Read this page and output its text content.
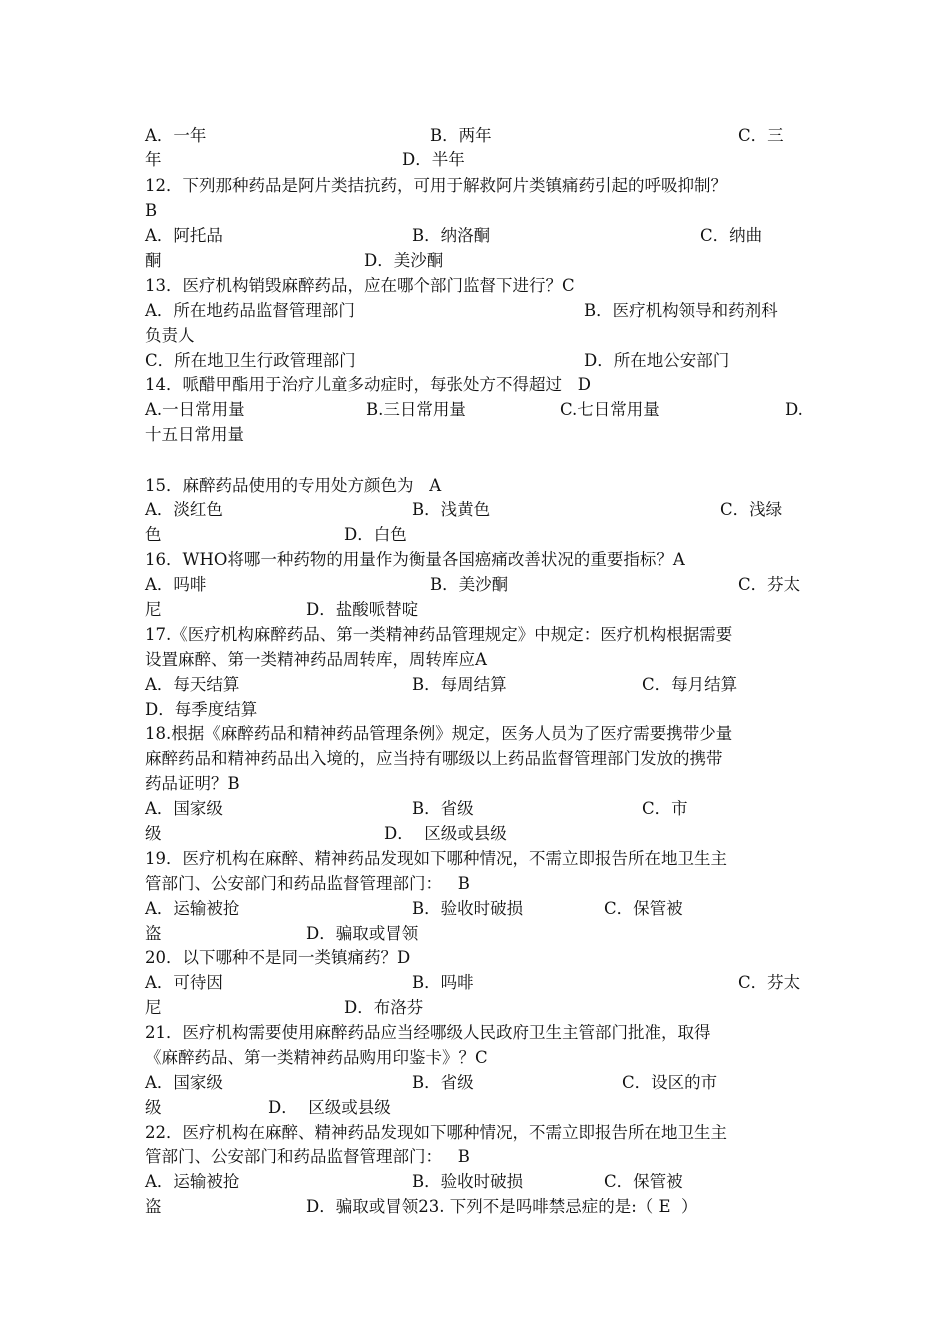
A．一年	B．两年	C．三
年	D．半年
12．下列那种药品是阿片类拮抗药，可用于解救阿片类镇痛药引起的呼吸抑制？
B
A．阿托品	B．纳洛酮	C．纳曲
酮	D．美沙酮
13．医疗机构销毁麻醉药品，应在哪个部门监督下进行？C
A．所在地药品监督管理部门	B．医疗机构领导和药剂科
负责人
C．所在地卫生行政管理部门	D．所在地公安部门
14．哌醋甲酯用于治疗儿童多动症时，每张处方不得超过   D
A.一日常用量	B.三日常用量	C.七日常用量	D.
十五日常用量
15．麻醉药品使用的专用处方颜色为   A
A．淡红色	B．浅黄色	C．浅绿
色	D．白色
16．WHO将哪一种药物的用量作为衡量各国癌痛改善状况的重要指标？A
A．吗啡	B．美沙酮	C．芬太
尼	D．盐酸哌替啶
17.《医疗机构麻醉药品、第一类精神药品管理规定》中规定：医疗机构根据需要
设置麻醉、第一类精神药品周转库，周转库应A
A．每天结算	B．每周结算	C．每月结算
D．每季度结算
18.根据《麻醉药品和精神药品管理条例》规定，医务人员为了医疗需要携带少量
麻醉药品和精神药品出入境的，应当持有哪级以上药品监督管理部门发放的携带
药品证明？B
A．国家级	B．省级	C．市
级	D．  区级或县级
19．医疗机构在麻醉、精神药品发现如下哪种情况，不需立即报告所在地卫生主
管部门、公安部门和药品监督管理部门：   B
A．运输被抢	B．验收时破损	C．保管被
盗	D．骗取或冒领
20．以下哪种不是同一类镇痛药？D
A．可待因	B．吗啡	C．芬太
尼	D．布洛芬
21．医疗机构需要使用麻醉药品应当经哪级人民政府卫生主管部门批准，取得
《麻醉药品、第一类精神药品购用印鉴卡》？C
A．国家级	B．省级	C．设区的市
级	D．  区级或县级
22．医疗机构在麻醉、精神药品发现如下哪种情况，不需立即报告所在地卫生主
管部门、公安部门和药品监督管理部门：   B
A．运输被抢	B．验收时破损	C．保管被
盗	D．骗取或冒领23. 下列不是吗啡禁忌症的是:（ E  ）
